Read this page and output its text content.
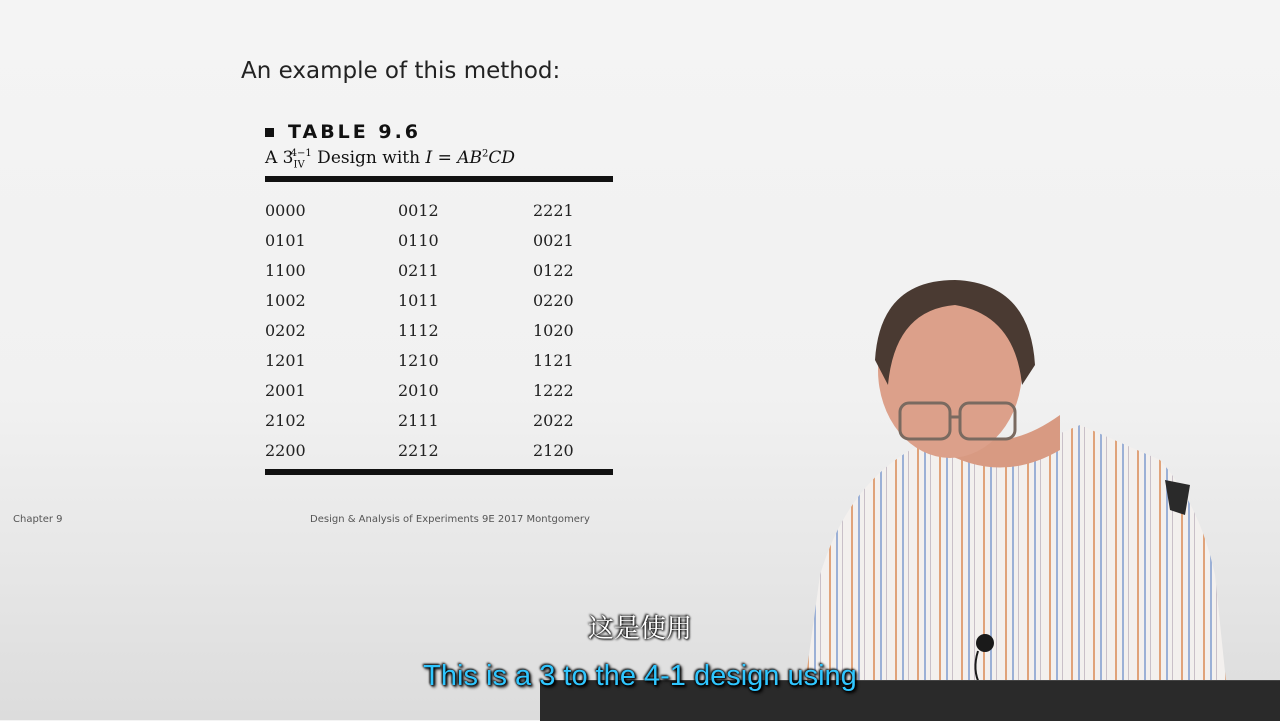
An example of this method:
TABLE 9.6
A $3_{IV}^{4-1}$ Design with $I = AB^2CD$
0000	0012	2221
0101	0110	0021
1100	0211	0122
1002	1011	0220
0202	1112	1020
1201	1210	1121
2001	2010	1222
2102	2111	2022
2200	2212	2120
Chapter 9	Design & Analysis of Experiments 9E 2017 Montgomery
这是使用
This is a 3 to the 4-1 design using
